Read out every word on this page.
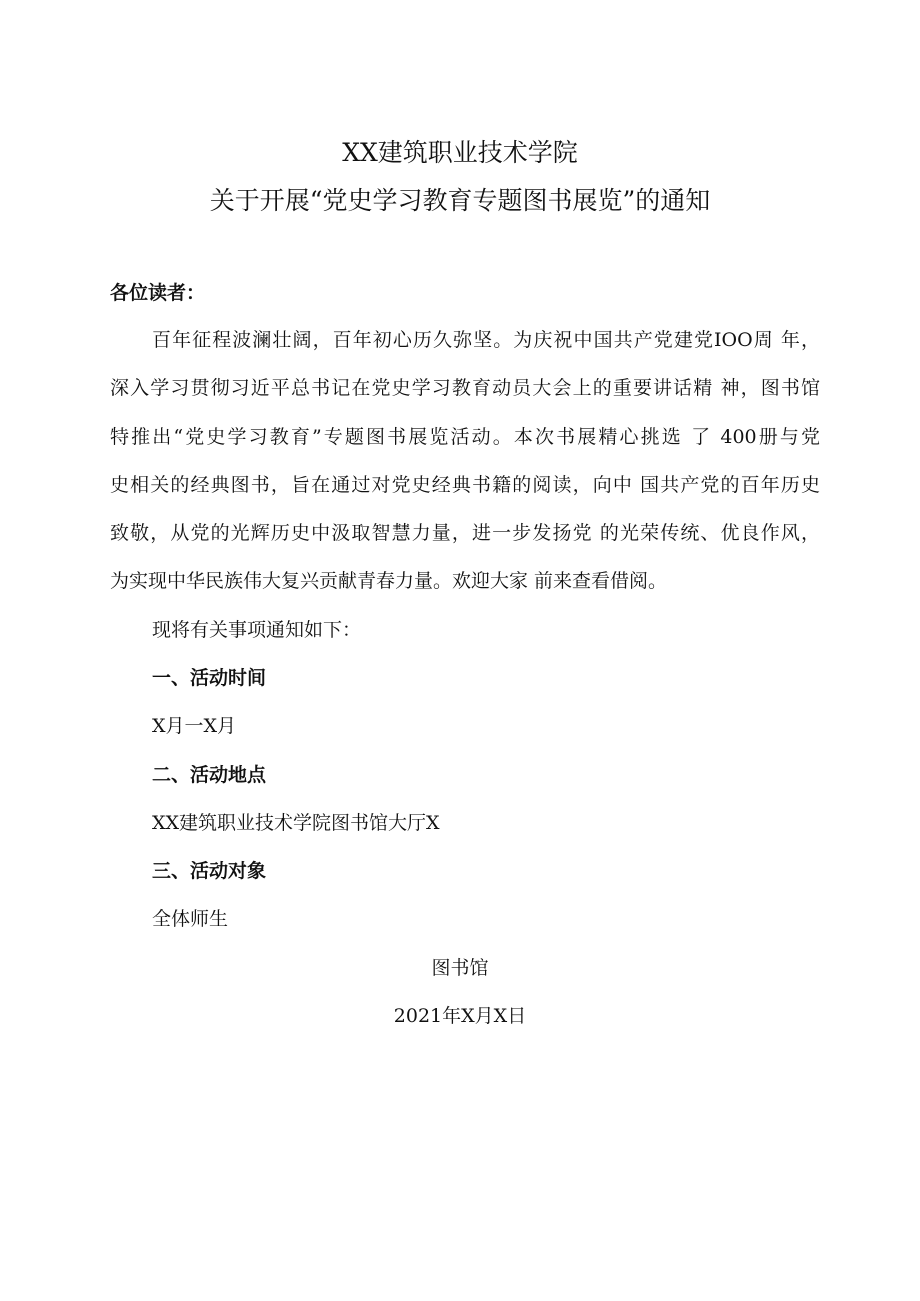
XX建筑职业技术学院
关于开展“党史学习教育专题图书展览”的通知
各位读者：
百年征程波澜壮阔，百年初心历久弥坚。为庆祝中国共产党建党IOO周 年，
深入学习贯彻习近平总书记在党史学习教育动员大会上的重要讲话精 神，图书馆
特推出“党史学习教育”专题图书展览活动。本次书展精心挑选 了 400册与党
史相关的经典图书，旨在通过对党史经典书籍的阅读，向中 国共产党的百年历史
致敬，从党的光辉历史中汲取智慧力量，进一步发扬党 的光荣传统、优良作风，
为实现中华民族伟大复兴贡献青春力量。欢迎大家 前来查看借阅。
现将有关事项通知如下：
一、活动时间
X月一X月
二、活动地点
XX建筑职业技术学院图书馆大厅X
三、活动对象
全体师生
图书馆
2021年X月X日
